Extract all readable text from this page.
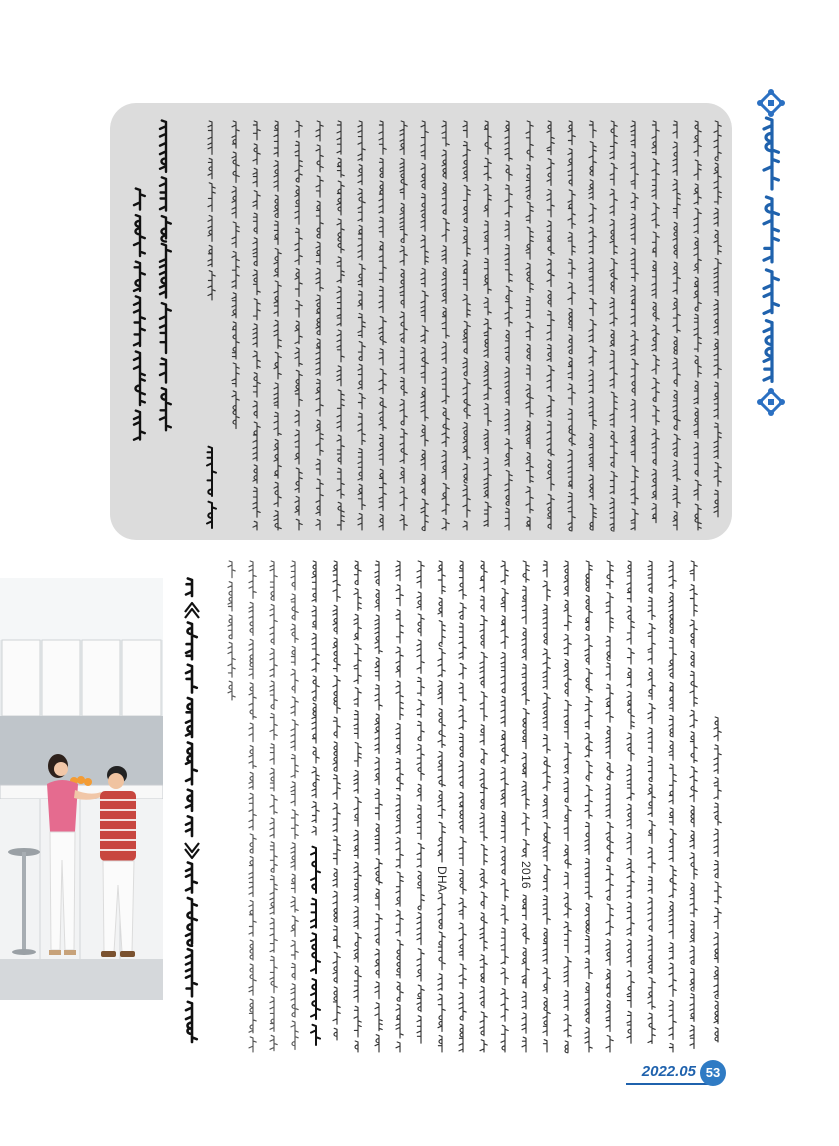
2016
DHA
2022.05 53
